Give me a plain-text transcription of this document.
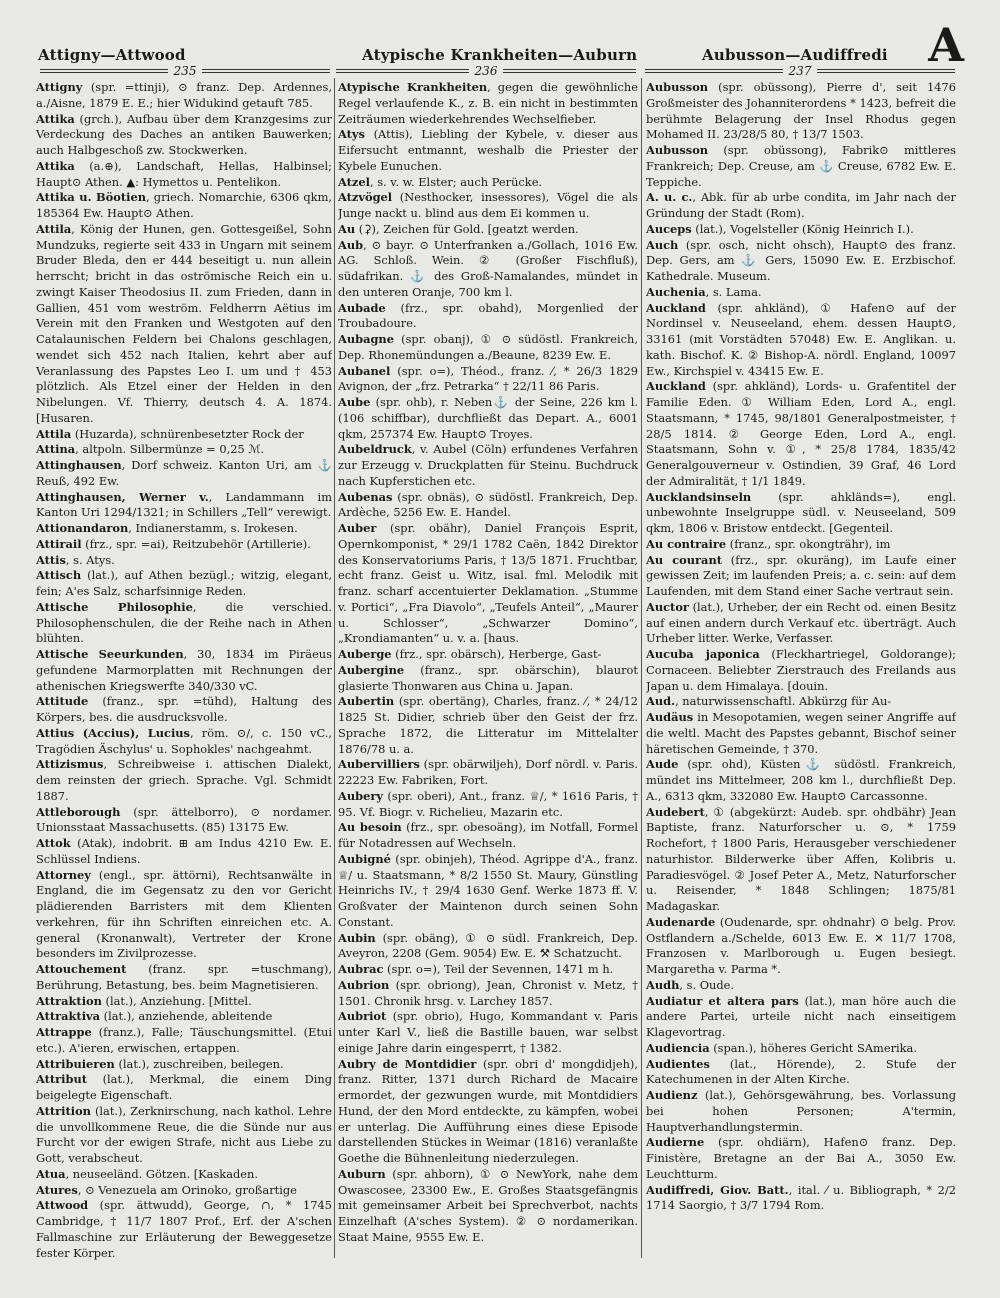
Attigny—Attwood	Atypische Krankheiten—Auburn	Aubusson—Audiffredi A
235	236	237

Attigny (spr. =ttinji), ⊙ franz. Dep. Ardennes, a./Aisne, 1879 E. E.; hier Widukind getauft 785.

Attika (grch.), Aufbau über dem Kranzgesims zur Verdeckung des Daches an antiken Bauwerken; auch Halbgeschoß zw. Stockwerken.

Attika (a.⊕), Landschaft, Hellas, Halbinsel; Haupt⊙ Athen. ▲: Hymettos u. Pentelikon.

Attika u. Böotien, griech. Nomarchie, 6306 qkm, 185364 Ew. Haupt⊙ Athen.

Attila, König der Hunen, gen. Gottesgeißel, Sohn Mundzuks, regierte seit 433 in Ungarn mit seinem Bruder Bleda, den er 444 beseitigt u. nun allein herrscht; bricht in das oströmische Reich ein u. zwingt Kaiser Theodosius II. zum Frieden, dann in Gallien, 451 vom weström. Feldherrn Aëtius im Verein mit den Franken und Westgoten auf den Catalaunischen Feldern bei Chalons geschlagen, wendet sich 452 nach Italien, kehrt aber auf Veranlassung des Papstes Leo I. um und † 453 plötzlich. Als Etzel einer der Helden in den Nibelungen. Vf. Thierry, deutsch 4. A. 1874. [Husaren.

Attila (Huzarda), schnürenbesetzter Rock der

Attina, altpoln. Silbermünze = 0,25 ℳ.

Attinghausen, Dorf schweiz. Kanton Uri, am ⚓ Reuß, 492 Ew.

Attinghausen, Werner v., Landammann im Kanton Uri 1294/1321; in Schillers „Tell“ verewigt.

Attionandaron, Indianerstamm, s. Irokesen.

Attirail (frz., spr. =ai), Reitzubehör (Artillerie).

Attis, s. Atys.

Attisch (lat.), auf Athen bezügl.; witzig, elegant, fein; A'es Salz, scharfsinnige Reden.

Attische Philosophie, die verschied. Philosophenschulen, die der Reihe nach in Athen blühten.

Attische Seeurkunden, 30, 1834 im Piräeus gefundene Marmorplatten mit Rechnungen der athenischen Kriegswerfte 340/330 vC.

Attitude (franz., spr. =tühd), Haltung des Körpers, bes. die ausdrucksvolle.

Attius (Accius), Lucius, röm. ⊙/, c. 150 vC., Tragödien Äschylus' u. Sophokles' nachgeahmt.

Attizismus, Schreibweise i. attischen Dialekt, dem reinsten der griech. Sprache. Vgl. Schmidt 1887.

Attleborough (spr. ättelborro), ⊙ nordamer. Unionsstaat Massachusetts. (85) 13175 Ew.

Attok (Atak), indobrit. ⊞ am Indus 4210 Ew. E. Schlüssel Indiens.

Attorney (engl., spr. ättörni), Rechtsanwälte in England, die im Gegensatz zu den vor Gericht plädierenden Barristers mit dem Klienten verkehren, für ihn Schriften einreichen etc. A. general (Kronanwalt), Vertreter der Krone besonders im Zivilprozesse.

Attouchement (franz. spr. =tuschmang), Berührung, Betastung, bes. beim Magnetisieren.

Attraktion (lat.), Anziehung. [Mittel.

Attraktiva (lat.), anziehende, ableitende

Attrappe (franz.), Falle; Täuschungsmittel. (Etui etc.). A'ieren, erwischen, ertappen.

Attribuieren (lat.), zuschreiben, beilegen.

Attribut (lat.), Merkmal, die einem Ding beigelegte Eigenschaft.

Attrition (lat.), Zerknirschung, nach kathol. Lehre die unvollkommene Reue, die die Sünde nur aus Furcht vor der ewigen Strafe, nicht aus Liebe zu Gott, verabscheut.

Atua, neuseeländ. Götzen. [Kaskaden.

Atures, ⊙ Venezuela am Orinoko, großartige

Attwood (spr. ättwudd), George, ∩, * 1745 Cambridge, † 11/7 1807 Prof., Erf. der A'schen Fallmaschine zur Erläuterung der Beweggesetze fester Körper.

Atypische Krankheiten, gegen die gewöhnliche Regel verlaufende K., z. B. ein nicht in bestimmten Zeiträumen wiederkehrendes Wechselfieber.

Atys (Attis), Liebling der Kybele, v. dieser aus Eifersucht entmannt, weshalb die Priester der Kybele Eunuchen.

Atzel, s. v. w. Elster; auch Perücke.

Atzvögel (Nesthocker, insessores), Vögel die als Junge nackt u. blind aus dem Ei kommen u.

Au (⚳), Zeichen für Gold. [geatzt werden.

Aub, ⊙ bayr. ⊙ Unterfranken a./Gollach, 1016 Ew. AG. Schloß. Wein. ② (Großer Fischfluß), südafrikan. ⚓ des Groß-Namalandes, mündet in den unteren Oranje, 700 km l.

Aubade (frz., spr. obahd), Morgenlied der Troubadoure.

Aubagne (spr. obanj), ① ⊙ südöstl. Frankreich, Dep. Rhonemündungen a./Beaune, 8239 Ew. E.

Aubanel (spr. o=), Théod., franz. ⁄, * 26/3 1829 Avignon, der „frz. Petrarka“ † 22/11 86 Paris.

Aube (spr. ohb), r. Neben⚓ der Seine, 226 km l. (106 schiffbar), durchfließt das Depart. A., 6001 qkm, 257374 Ew. Haupt⊙ Troyes.

Aubeldruck, v. Aubel (Cöln) erfundenes Verfahren zur Erzeugg v. Druckplatten für Steinu. Buchdruck nach Kupferstichen etc.

Aubenas (spr. obnäs), ⊙ südöstl. Frankreich, Dep. Ardèche, 5256 Ew. E. Handel.

Auber (spr. obähr), Daniel François Esprit, Opernkomponist, * 29/1 1782 Caën, 1842 Direktor des Konservatoriums Paris, † 13/5 1871. Fruchtbar, echt franz. Geist u. Witz, isal. fml. Melodik mit franz. scharf accentuierter Deklamation. „Stumme v. Portici“, „Fra Diavolo“, „Teufels Anteil“, „Maurer u. Schlosser“, „Schwarzer Domino“, „Krondiamanten“ u. v. a. [haus.

Auberge (frz., spr. obärsch), Herberge, Gast-

Aubergine (franz., spr. obärschin), blaurot glasierte Thonwaren aus China u. Japan.

Aubertin (spr. obertäng), Charles, franz. ⁄, * 24/12 1825 St. Didier, schrieb über den Geist der frz. Sprache 1872, die Litteratur im Mittelalter 1876/78 u. a.

Aubervilliers (spr. obärwiljeh), Dorf nördl. v. Paris. 22223 Ew. Fabriken, Fort.

Aubery (spr. oberi), Ant., franz. ♕/, * 1616 Paris, † 95. Vf. Biogr. v. Richelieu, Mazarin etc.

Au besoin (frz., spr. obesoäng), im Notfall, Formel für Notadressen auf Wechseln.

Aubigné (spr. obinjeh), Théod. Agrippe d'A., franz. ♕/ u. Staatsmann, * 8/2 1550 St. Maury, Günstling Heinrichs IV., † 29/4 1630 Genf. Werke 1873 ff. V. Großvater der Maintenon durch seinen Sohn Constant.

Aubin (spr. obäng), ① ⊙ südl. Frankreich, Dep. Aveyron, 2208 (Gem. 9054) Ew. E. ⚒ Schatzucht.

Aubrac (spr. o=), Teil der Sevennen, 1471 m h.

Aubrion (spr. obriong), Jean, Chronist v. Metz, † 1501. Chronik hrsg. v. Larchey 1857.

Aubriot (spr. obrio), Hugo, Kommandant v. Paris unter Karl V., ließ die Bastille bauen, war selbst einige Jahre darin eingesperrt, † 1382.

Aubry de Montdidier (spr. obri d' mongdidjeh), franz. Ritter, 1371 durch Richard de Macaire ermordet, der gezwungen wurde, mit Montdidiers Hund, der den Mord entdeckte, zu kämpfen, wobei er unterlag. Die Aufführung eines diese Episode darstellenden Stückes in Weimar (1816) veranlaßte Goethe die Bühnenleitung niederzulegen.

Auburn (spr. ahborn), ① ⊙ NewYork, nahe dem Owascosee, 23300 Ew., E. Großes Staatsgefängnis mit gemeinsamer Arbeit bei Sprechverbot, nachts Einzelhaft (A'sches System). ② ⊙ nordamerikan. Staat Maine, 9555 Ew. E.

Aubusson (spr. obüssong), Pierre d', seit 1476 Großmeister des Johanniterordens * 1423, befreit die berühmte Belagerung der Insel Rhodus gegen Mohamed II. 23/28/5 80, † 13/7 1503.

Aubusson (spr. obüssong), Fabrik⊙ mittleres Frankreich; Dep. Creuse, am ⚓ Creuse, 6782 Ew. E. Teppiche.

A. u. c., Abk. für ab urbe condita, im Jahr nach der Gründung der Stadt (Rom).

Auceps (lat.), Vogelsteller (König Heinrich I.).

Auch (spr. osch, nicht ohsch), Haupt⊙ des franz. Dep. Gers, am ⚓ Gers, 15090 Ew. E. Erzbischof. Kathedrale. Museum.

Auchenia, s. Lama.

Auckland (spr. ahkländ), ① Hafen⊙ auf der Nordinsel v. Neuseeland, ehem. dessen Haupt⊙, 33161 (mit Vorstädten 57048) Ew. E. Anglikan. u. kath. Bischof. K. ② Bishop-A. nördl. England, 10097 Ew., Kirchspiel v. 43415 Ew. E.

Auckland (spr. ahkländ), Lords- u. Grafentitel der Familie Eden. ① William Eden, Lord A., engl. Staatsmann, * 1745, 98/1801 Generalpostmeister, † 28/5 1814. ② George Eden, Lord A., engl. Staatsmann, Sohn v. ①, * 25/8 1784, 1835/42 Generalgouverneur v. Ostindien, 39 Graf, 46 Lord der Admiralität, † 1/1 1849.

Aucklandsinseln (spr. ahkländs=), engl. unbewohnte Inselgruppe südl. v. Neuseeland, 509 qkm, 1806 v. Bristow entdeckt. [Gegenteil.

Au contraire (franz., spr. okongträhr), im

Au courant (frz., spr. okuräng), im Laufe einer gewissen Zeit; im laufenden Preis; a. c. sein: auf dem Laufenden, mit dem Stand einer Sache vertraut sein.

Auctor (lat.), Urheber, der ein Recht od. einen Besitz auf einen andern durch Verkauf etc. überträgt. Auch Urheber litter. Werke, Verfasser.

Aucuba japonica (Fleckhartriegel, Goldorange); Cornaceen. Beliebter Zierstrauch des Freilands aus Japan u. dem Himalaya. [douin.

Aud., naturwissenschaftl. Abkürzg für Au-

Audäus in Mesopotamien, wegen seiner Angriffe auf die weltl. Macht des Papstes gebannt, Bischof seiner häretischen Gemeinde, † 370.

Aude (spr. ohd), Küsten⚓ südöstl. Frankreich, mündet ins Mittelmeer, 208 km l., durchfließt Dep. A., 6313 qkm, 332080 Ew. Haupt⊙ Carcassonne.

Audebert, ① (abgekürzt: Audeb. spr. ohdbähr) Jean Baptiste, franz. Naturforscher u. ⊙, * 1759 Rochefort, † 1800 Paris, Herausgeber verschiedener naturhistor. Bilderwerke über Affen, Kolibris u. Paradiesvögel. ② Josef Peter A., Metz, Naturforscher u. Reisender, * 1848 Schlingen; 1875/81 Madagaskar.

Audenarde (Oudenarde, spr. ohdnahr) ⊙ belg. Prov. Ostflandern a./Schelde, 6013 Ew. E. ✕ 11/7 1708, Franzosen v. Marlborough u. Eugen besiegt. Margaretha v. Parma *.

Audh, s. Oude.

Audiatur et altera pars (lat.), man höre auch die andere Partei, urteile nicht nach einseitigem Klagevortrag.

Audiencia (span.), höheres Gericht SAmerika.

Audientes (lat., Hörende), 2. Stufe der Katechumenen in der Alten Kirche.

Audienz (lat.), Gehörsgewährung, bes. Vorlassung bei hohen Personen; A'termin, Hauptverhandlungstermin.

Audierne (spr. ohdiärn), Hafen⊙ franz. Dep. Finistère, Bretagne an der Bai A., 3050 Ew. Leuchtturm.

Audiffredi, Giov. Batt., ital. ⁄ u. Bibliograph, * 2/2 1714 Saorgio, † 3/7 1794 Rom.
